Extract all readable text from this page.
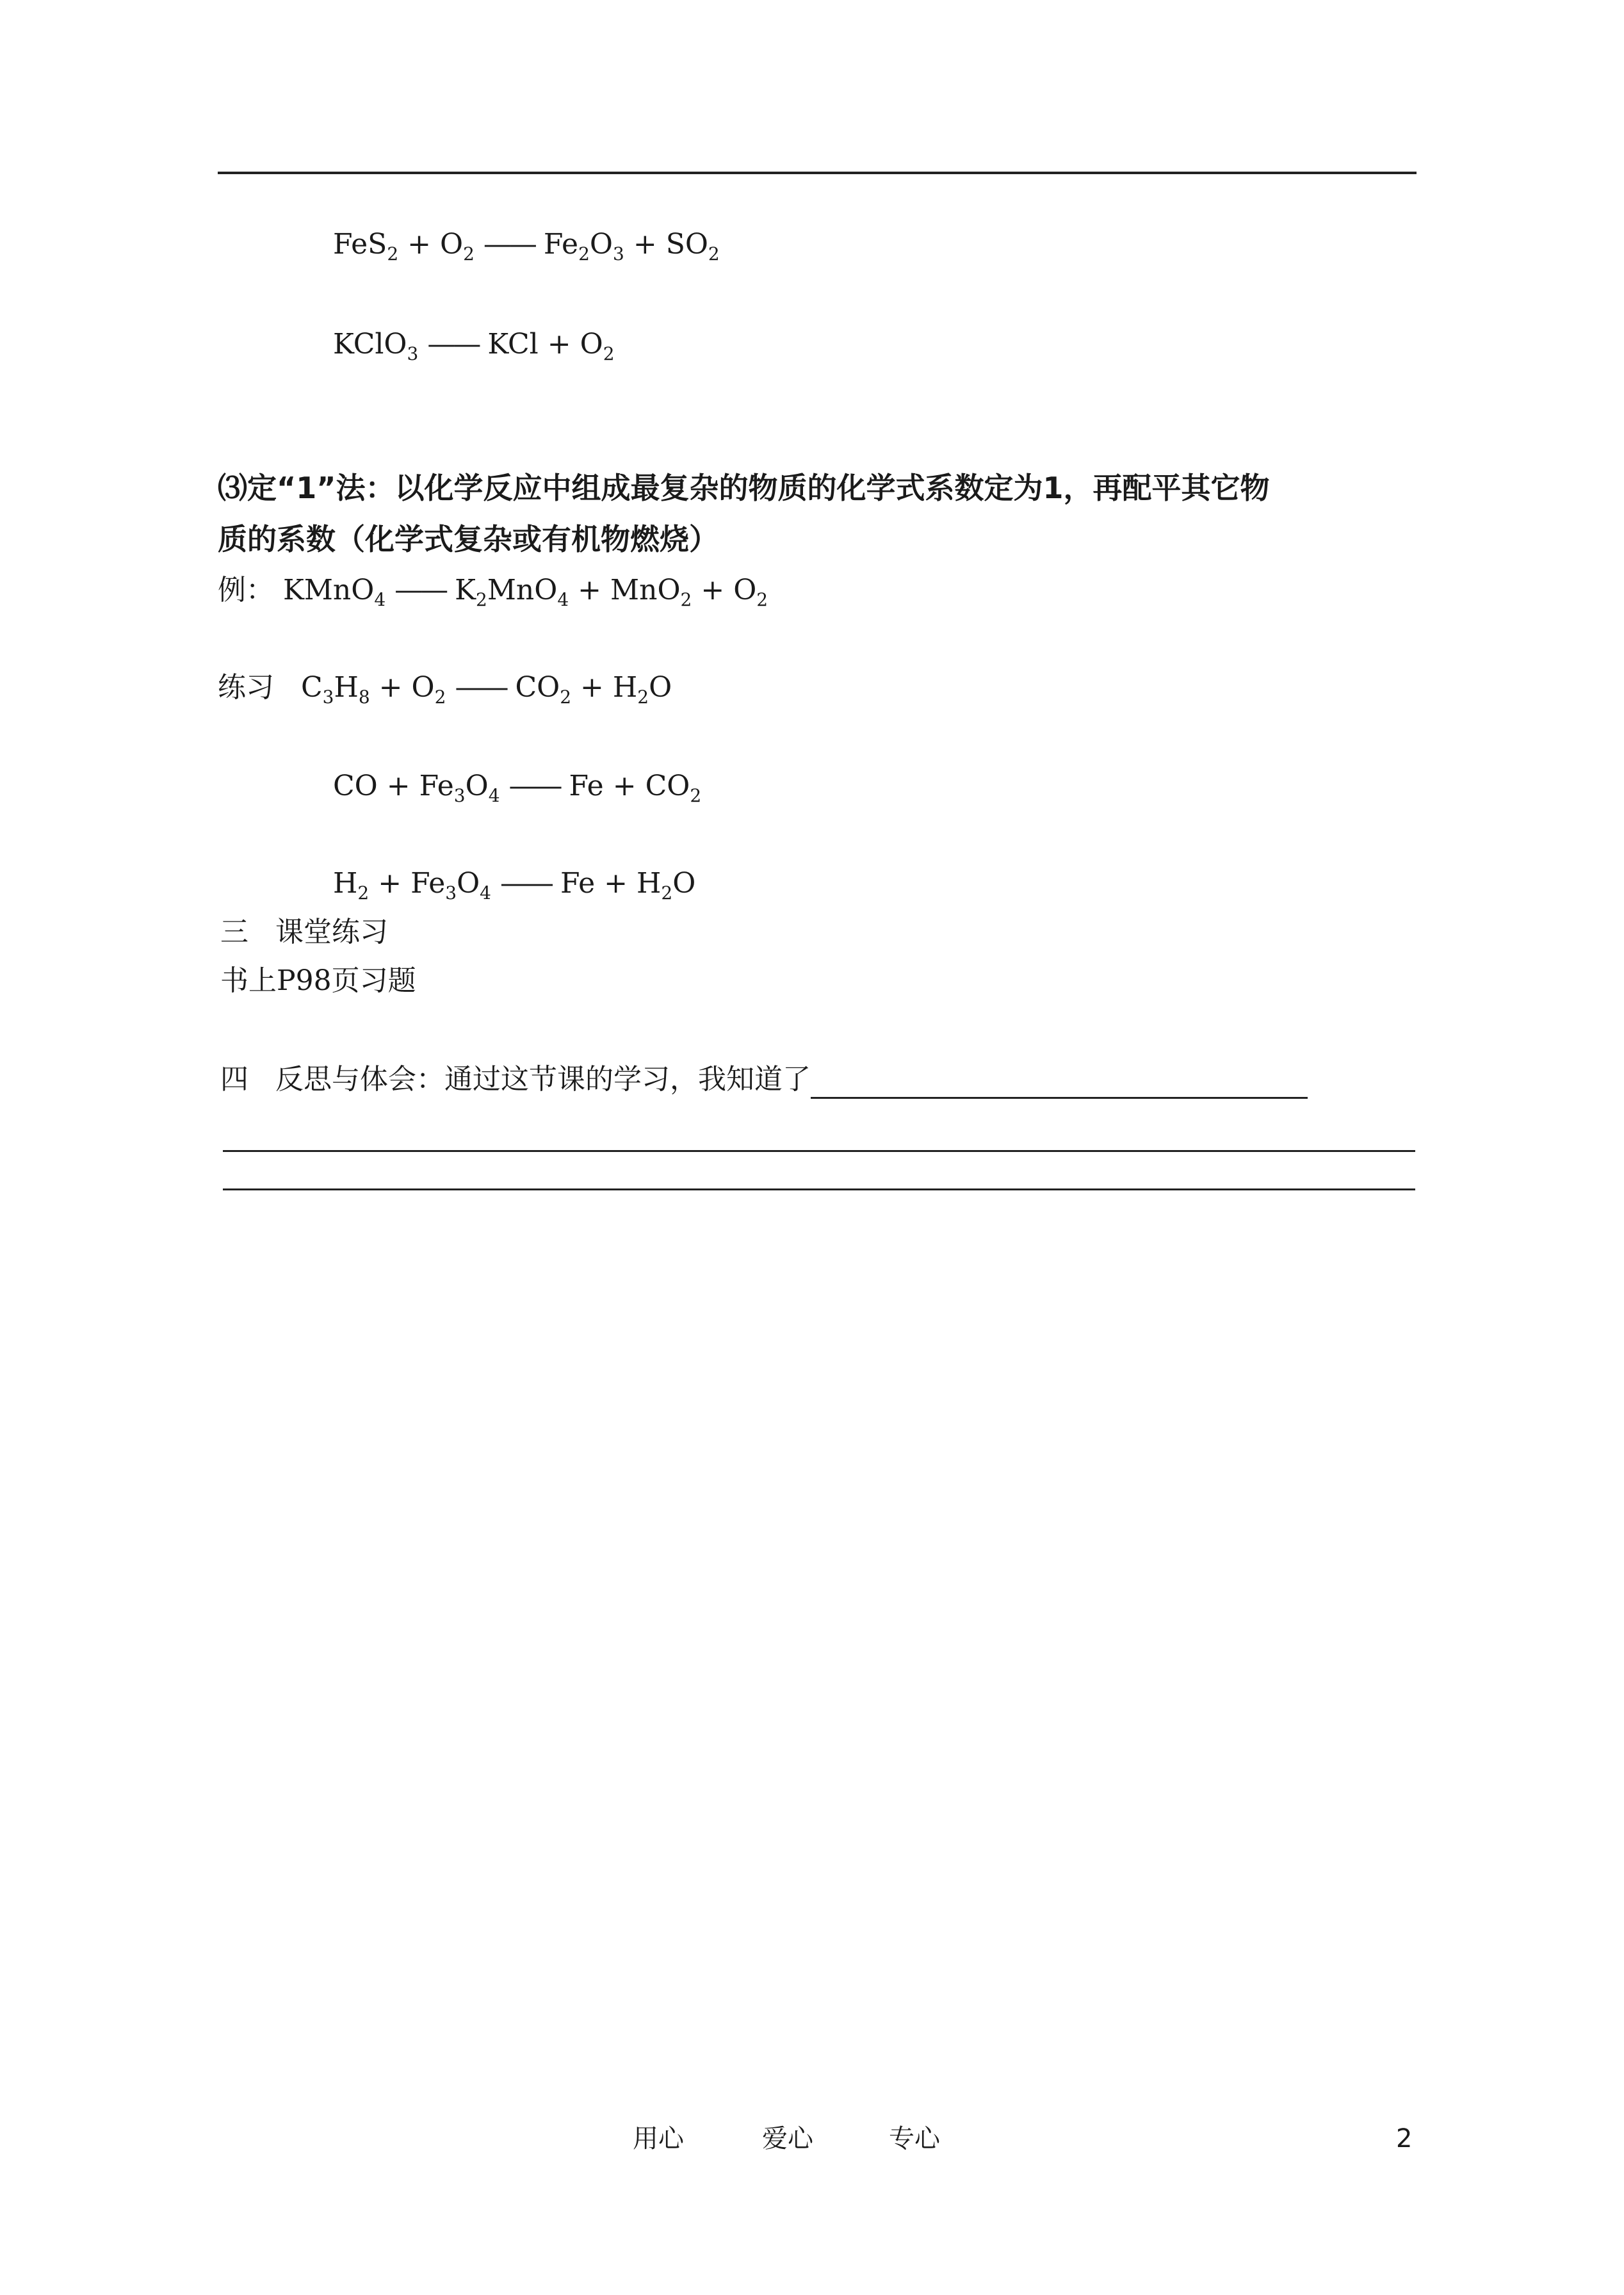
$FeS_2 + O_2$ —— $Fe_2O_3 + SO_2$
KClO$_3$ —— KCl + $O_2$
⑶定“1”法：以化学反应中组成最复杂的物质的化学式系数定为1，再配平其它物
质的系数（化学式复杂或有机物燃烧）
例： KMnO$_4$ —— $K_2MnO_4 + MnO_2 + O_2$
练习 $C_3H_8 + O_2$ —— $CO_2 + H_2O$
CO + $Fe_3O_4$ —— $Fe + CO_2$
$H_2 + Fe_3O_4$ —— $Fe + H_2O$
三 课堂练习
书上P98页习题
四 反思与体会：通过这节课的学习，我知道了
用心	爱心	专心	2
